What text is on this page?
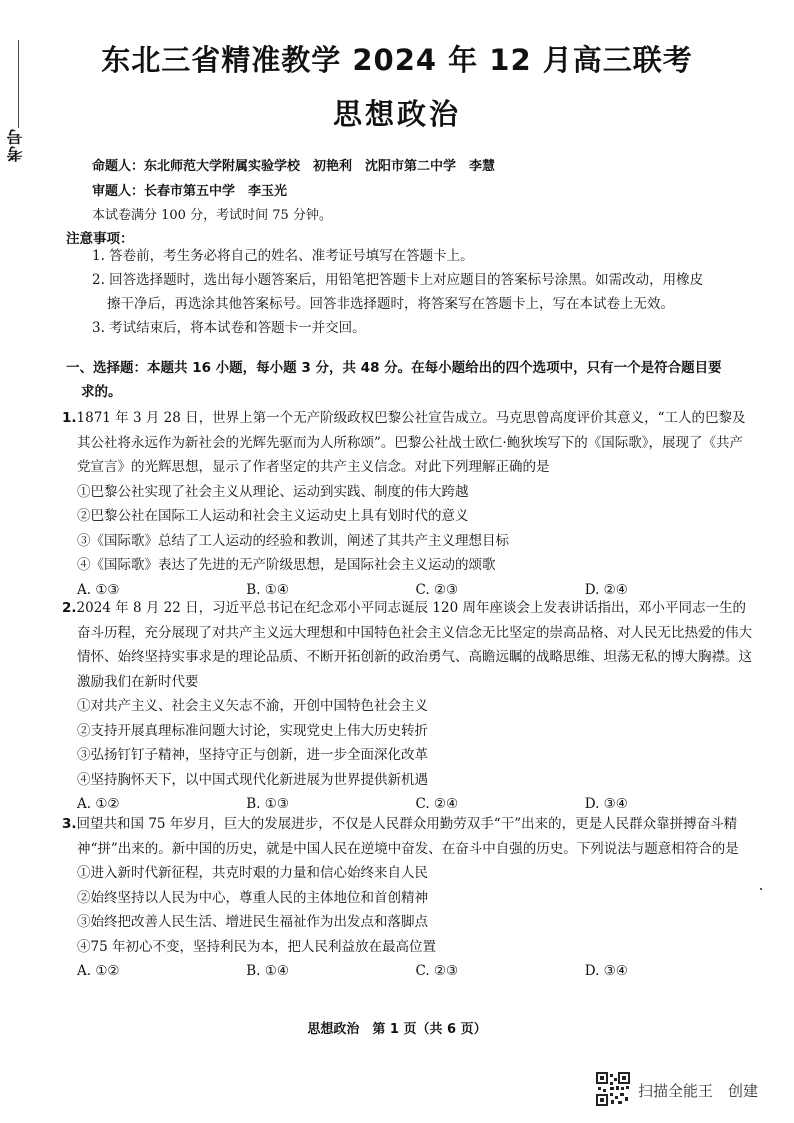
考号
东北三省精准教学 2024 年 12 月高三联考
思想政治
命题人：东北师范大学附属实验学校　初艳利　沈阳市第二中学　李慧
审题人：长春市第五中学　李玉光
本试卷满分 100 分，考试时间 75 分钟。
注意事项：
1. 答卷前，考生务必将自己的姓名、准考证号填写在答题卡上。
2. 回答选择题时，选出每小题答案后，用铅笔把答题卡上对应题目的答案标号涂黑。如需改动，用橡皮
擦干净后，再选涂其他答案标号。回答非选择题时，将答案写在答题卡上，写在本试卷上无效。
3. 考试结束后，将本试卷和答题卡一并交回。
一、选择题：本题共 16 小题，每小题 3 分，共 48 分。在每小题给出的四个选项中，只有一个是符合题目要
求的。
1.1871 年 3 月 28 日，世界上第一个无产阶级政权巴黎公社宣告成立。马克思曾高度评价其意义，“工人的巴黎及其公社将永远作为新社会的光辉先驱而为人所称颂”。巴黎公社战士欧仁·鲍狄埃写下的《国际歌》，展现了《共产党宣言》的光辉思想，显示了作者坚定的共产主义信念。对此下列理解正确的是
①巴黎公社实现了社会主义从理论、运动到实践、制度的伟大跨越
②巴黎公社在国际工人运动和社会主义运动史上具有划时代的意义
③《国际歌》总结了工人运动的经验和教训，阐述了其共产主义理想目标
④《国际歌》表达了先进的无产阶级思想，是国际社会主义运动的颂歌
A. ①③	B. ①④	C. ②③	D. ②④
2.2024 年 8 月 22 日，习近平总书记在纪念邓小平同志诞辰 120 周年座谈会上发表讲话指出，邓小平同志一生的奋斗历程，充分展现了对共产主义远大理想和中国特色社会主义信念无比坚定的崇高品格、对人民无比热爱的伟大情怀、始终坚持实事求是的理论品质、不断开拓创新的政治勇气、高瞻远瞩的战略思维、坦荡无私的博大胸襟。这激励我们在新时代要
①对共产主义、社会主义矢志不渝，开创中国特色社会主义
②支持开展真理标准问题大讨论，实现党史上伟大历史转折
③弘扬钉钉子精神，坚持守正与创新，进一步全面深化改革
④坚持胸怀天下，以中国式现代化新进展为世界提供新机遇
A. ①②	B. ①③	C. ②④	D. ③④
3.回望共和国 75 年岁月，巨大的发展进步，不仅是人民群众用勤劳双手“干”出来的，更是人民群众靠拼搏奋斗精神“拼”出来的。新中国的历史，就是中国人民在逆境中奋发、在奋斗中自强的历史。下列说法与题意相符合的是
①进入新时代新征程，共克时艰的力量和信心始终来自人民
②始终坚持以人民为中心，尊重人民的主体地位和首创精神
③始终把改善人民生活、增进民生福祉作为出发点和落脚点
④75 年初心不变，坚持利民为本，把人民利益放在最高位置
A. ①②	B. ①④	C. ②③	D. ③④
思想政治　第 1 页（共 6 页）
扫描全能王　创建
